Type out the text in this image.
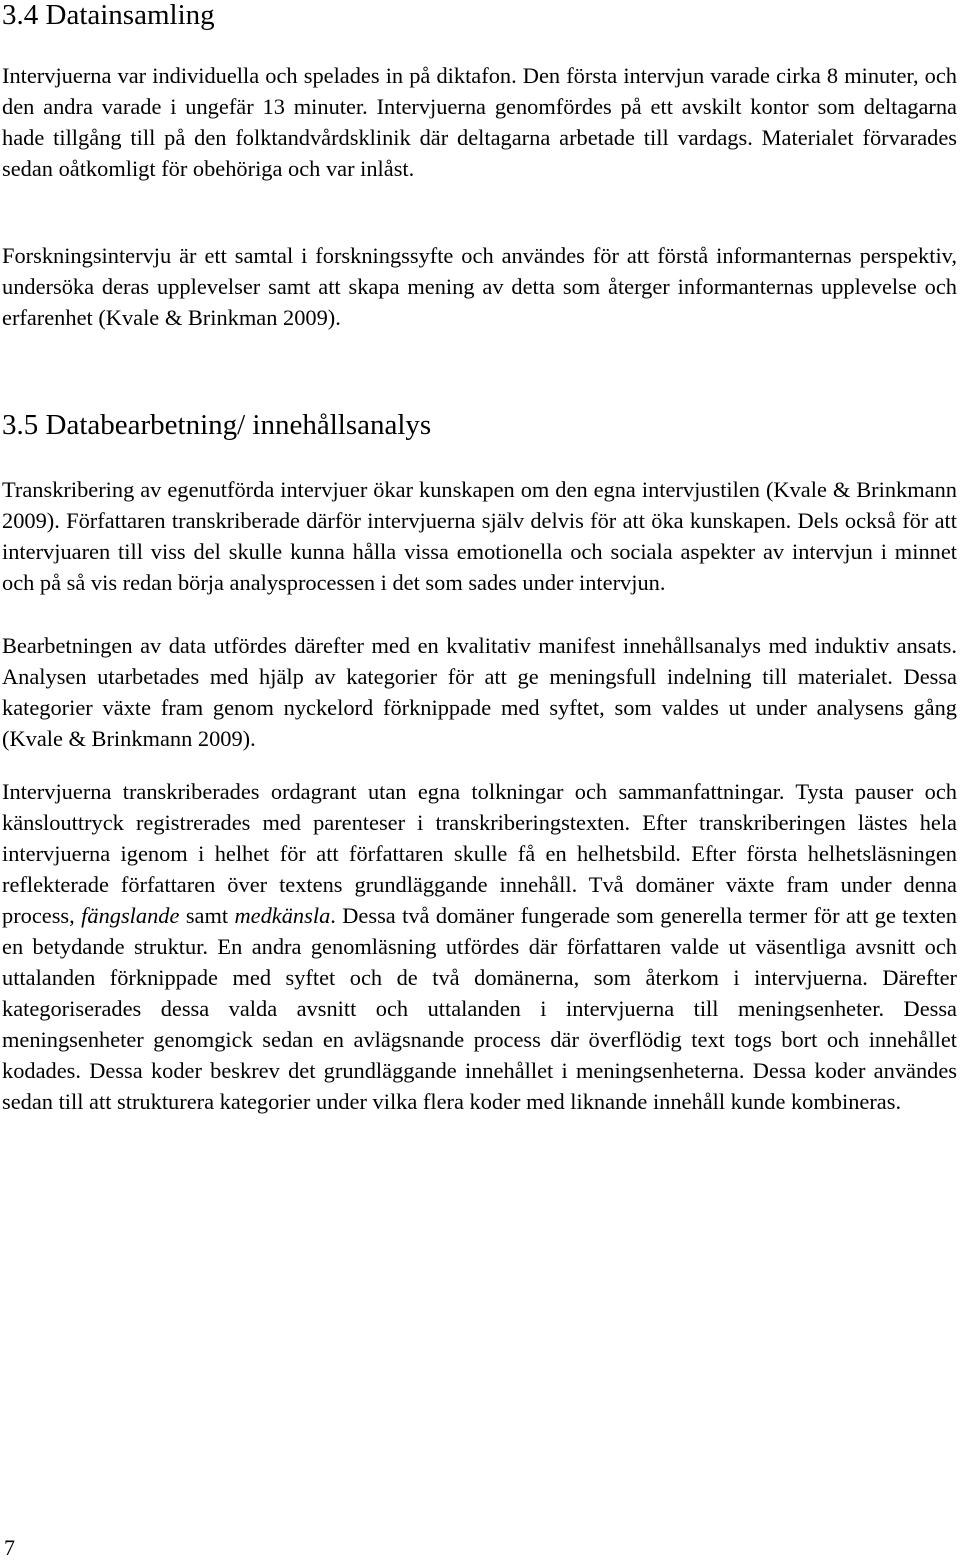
3.4 Datainsamling

Intervjuerna var individuella och spelades in på diktafon. Den första intervjun varade cirka 8 minuter, och den andra varade i ungefär 13 minuter. Intervjuerna genomfördes på ett avskilt kontor som deltagarna hade tillgång till på den folktandvårdsklinik där deltagarna arbetade till vardags. Materialet förvarades sedan oåtkomligt för obehöriga och var inlåst.

Forskningsintervju är ett samtal i forskningssyfte och användes för att förstå informanternas perspektiv, undersöka deras upplevelser samt att skapa mening av detta som återger informanternas upplevelse och erfarenhet (Kvale & Brinkman 2009).

3.5 Databearbetning/ innehållsanalys

Transkribering av egenutförda intervjuer ökar kunskapen om den egna intervjustilen (Kvale & Brinkmann 2009). Författaren transkriberade därför intervjuerna själv delvis för att öka kunskapen. Dels också för att intervjuaren till viss del skulle kunna hålla vissa emotionella och sociala aspekter av intervjun i minnet och på så vis redan börja analysprocessen i det som sades under intervjun.

Bearbetningen av data utfördes därefter med en kvalitativ manifest innehållsanalys med induktiv ansats. Analysen utarbetades med hjälp av kategorier för att ge meningsfull indelning till materialet. Dessa kategorier växte fram genom nyckelord förknippade med syftet, som valdes ut under analysens gång (Kvale & Brinkmann 2009).

Intervjuerna transkriberades ordagrant utan egna tolkningar och sammanfattningar. Tysta pauser och känslouttryck registrerades med parenteser i transkriberingstexten. Efter transkriberingen lästes hela intervjuerna igenom i helhet för att författaren skulle få en helhetsbild. Efter första helhetsläsningen reflekterade författaren över textens grundläggande innehåll. Två domäner växte fram under denna process, fängslande samt medkänsla. Dessa två domäner fungerade som generella termer för att ge texten en betydande struktur. En andra genomläsning utfördes där författaren valde ut väsentliga avsnitt och uttalanden förknippade med syftet och de två domänerna, som återkom i intervjuerna. Därefter kategoriserades dessa valda avsnitt och uttalanden i intervjuerna till meningsenheter. Dessa meningsenheter genomgick sedan en avlägsnande process där överflödig text togs bort och innehållet kodades. Dessa koder beskrev det grundläggande innehållet i meningsenheterna. Dessa koder användes sedan till att strukturera kategorier under vilka flera koder med liknande innehåll kunde kombineras.

7
